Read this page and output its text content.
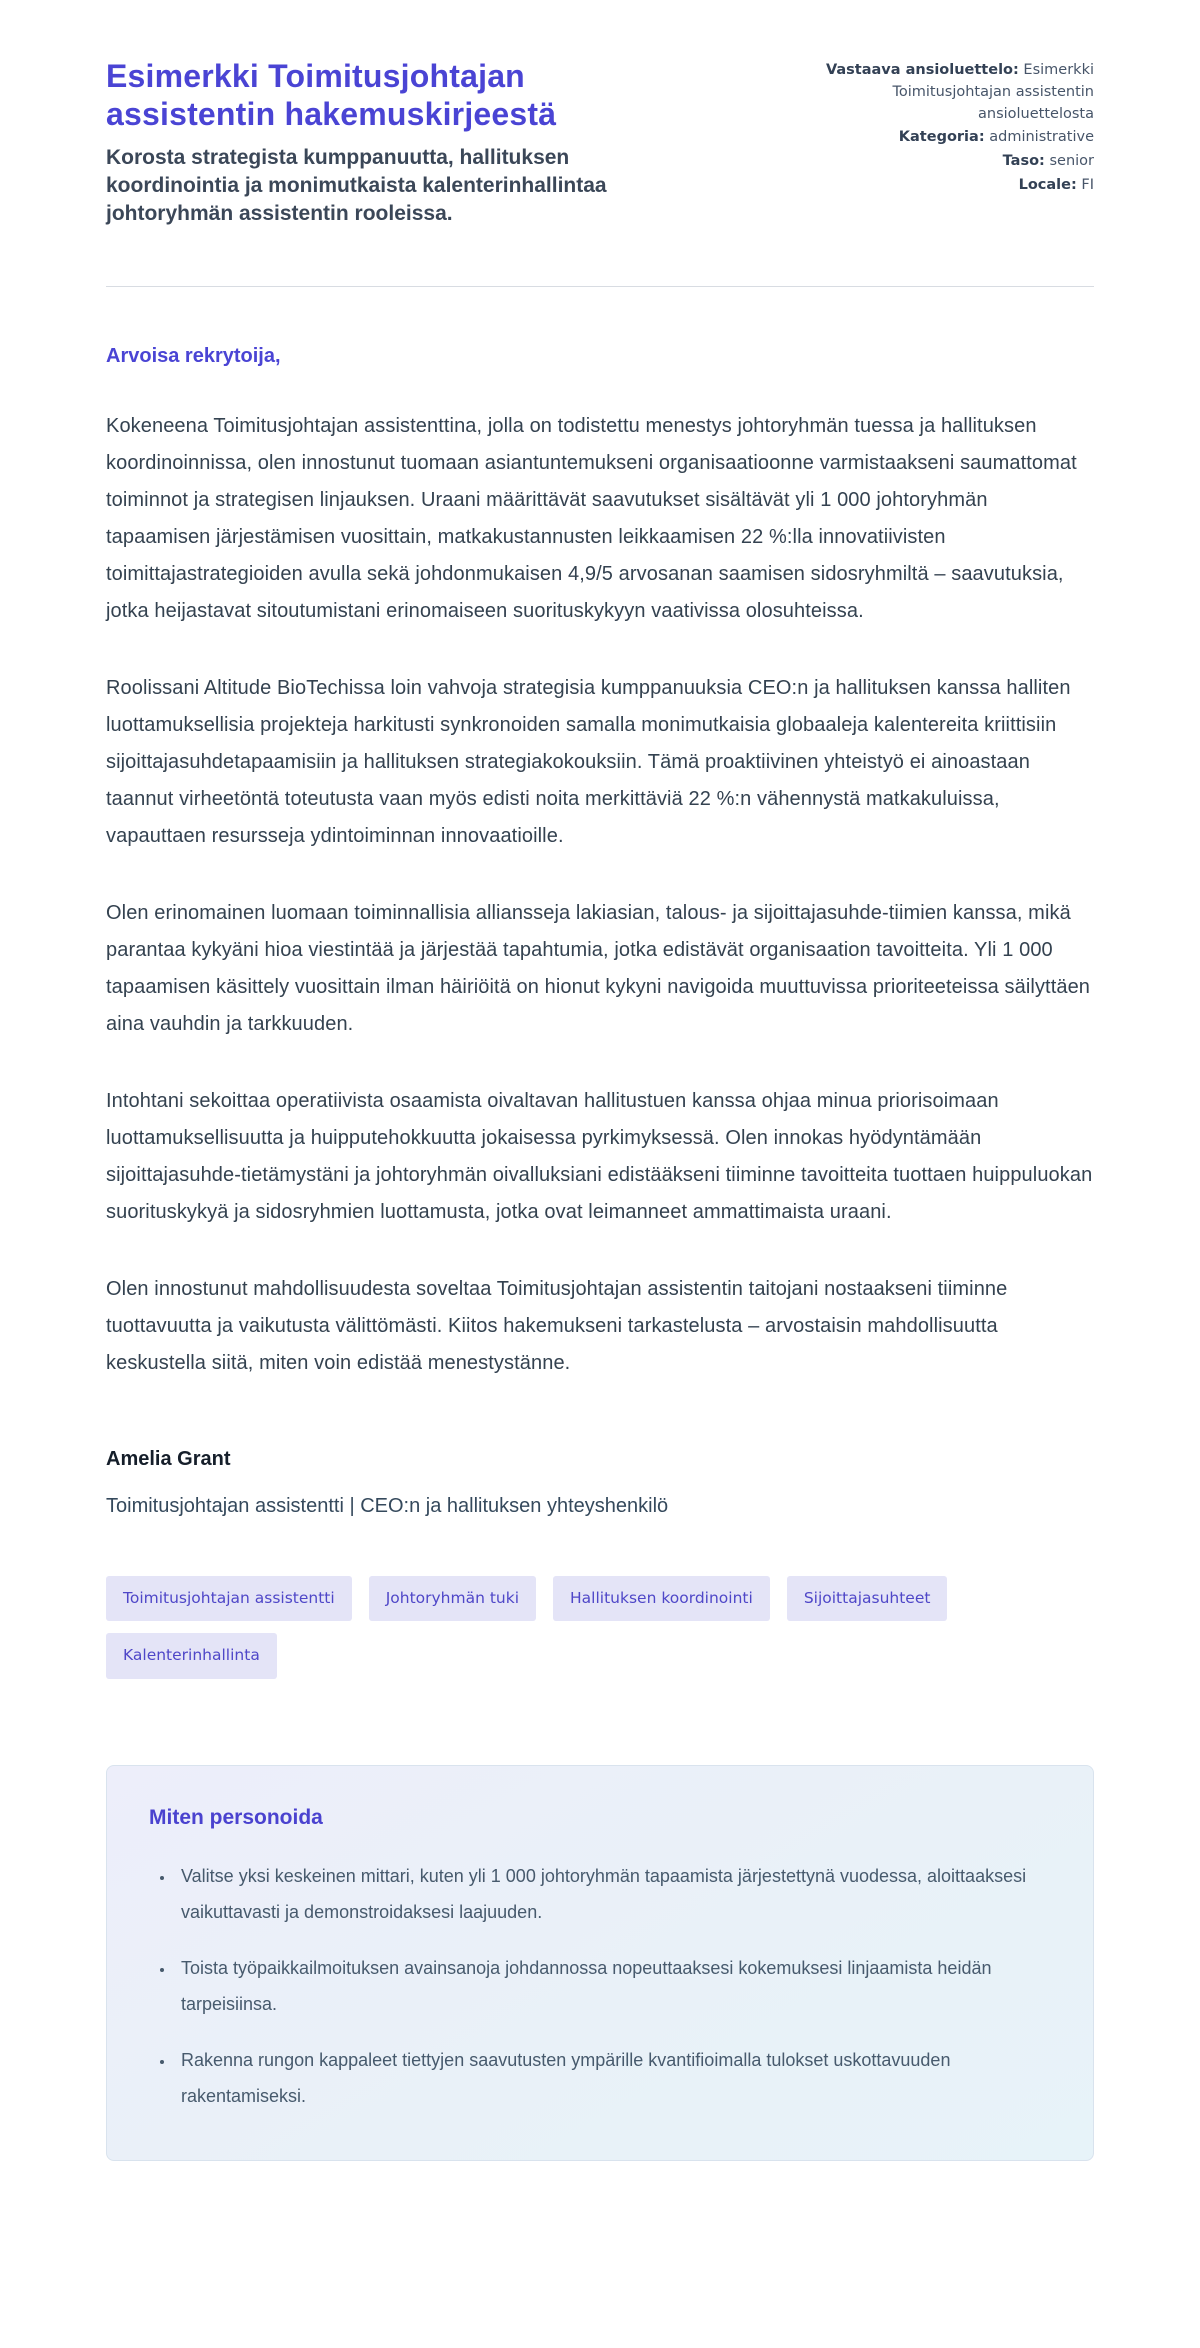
Esimerkki Toimitusjohtajan assistentin hakemuskirjeestä
Korosta strategista kumppanuutta, hallituksen koordinointia ja monimutkaista kalenterinhallintaa johtoryhmän assistentin rooleissa.
Vastaava ansioluettelo: Esimerkki Toimitusjohtajan assistentin ansioluettelosta
Kategoria: administrative
Taso: senior
Locale: FI
Arvoisa rekrytoija,

Kokeneena Toimitusjohtajan assistenttina, jolla on todistettu menestys johtoryhmän tuessa ja hallituksen koordinoinnissa, olen innostunut tuomaan asiantuntemukseni organisaatioonne varmistaakseni saumattomat toiminnot ja strategisen linjauksen. Uraani määrittävät saavutukset sisältävät yli 1 000 johtoryhmän tapaamisen järjestämisen vuosittain, matkakustannusten leikkaamisen 22 %:lla innovatiivisten toimittajastrategioiden avulla sekä johdonmukaisen 4,9/5 arvosanan saamisen sidosryhmiltä – saavutuksia, jotka heijastavat sitoutumistani erinomaiseen suorituskykyyn vaativissa olosuhteissa.

Roolissani Altitude BioTechissa loin vahvoja strategisia kumppanuuksia CEO:n ja hallituksen kanssa halliten luottamuksellisia projekteja harkitusti synkronoiden samalla monimutkaisia globaaleja kalentereita kriittisiin sijoittajasuhdetapaamisiin ja hallituksen strategiakokouksiin. Tämä proaktiivinen yhteistyö ei ainoastaan taannut virheetöntä toteutusta vaan myös edisti noita merkittäviä 22 %:n vähennystä matkakuluissa, vapauttaen resursseja ydintoiminnan innovaatioille.

Olen erinomainen luomaan toiminnallisia alliansseja lakiasian, talous- ja sijoittajasuhde-tiimien kanssa, mikä parantaa kykyäni hioa viestintää ja järjestää tapahtumia, jotka edistävät organisaation tavoitteita. Yli 1 000 tapaamisen käsittely vuosittain ilman häiriöitä on hionut kykyni navigoida muuttuvissa prioriteeteissa säilyttäen aina vauhdin ja tarkkuuden.

Intohtani sekoittaa operatiivista osaamista oivaltavan hallitustuen kanssa ohjaa minua priorisoimaan luottamuksellisuutta ja huipputehokkuutta jokaisessa pyrkimyksessä. Olen innokas hyödyntämään sijoittajasuhde-tietämystäni ja johtoryhmän oivalluksiani edistääkseni tiiminne tavoitteita tuottaen huippuluokan suorituskykyä ja sidosryhmien luottamusta, jotka ovat leimanneet ammattimaista uraani.

Olen innostunut mahdollisuudesta soveltaa Toimitusjohtajan assistentin taitojani nostaakseni tiiminne tuottavuutta ja vaikutusta välittömästi. Kiitos hakemukseni tarkastelusta – arvostaisin mahdollisuutta keskustella siitä, miten voin edistää menestystänne.

Amelia Grant
Toimitusjohtajan assistentti | CEO:n ja hallituksen yhteyshenkilö
Toimitusjohtajan assistentti	Johtoryhmän tuki	Hallituksen koordinointi	Sijoittajasuhteet
Kalenterinhallinta
Miten personoida
• Valitse yksi keskeinen mittari, kuten yli 1 000 johtoryhmän tapaamista järjestettynä vuodessa, aloittaaksesi vaikuttavasti ja demonstroidaksesi laajuuden.
• Toista työpaikkailmoituksen avainsanoja johdannossa nopeuttaaksesi kokemuksesi linjaamista heidän tarpeisiinsa.
• Rakenna rungon kappaleet tiettyjen saavutusten ympärille kvantifioimalla tulokset uskottavuuden rakentamiseksi.
